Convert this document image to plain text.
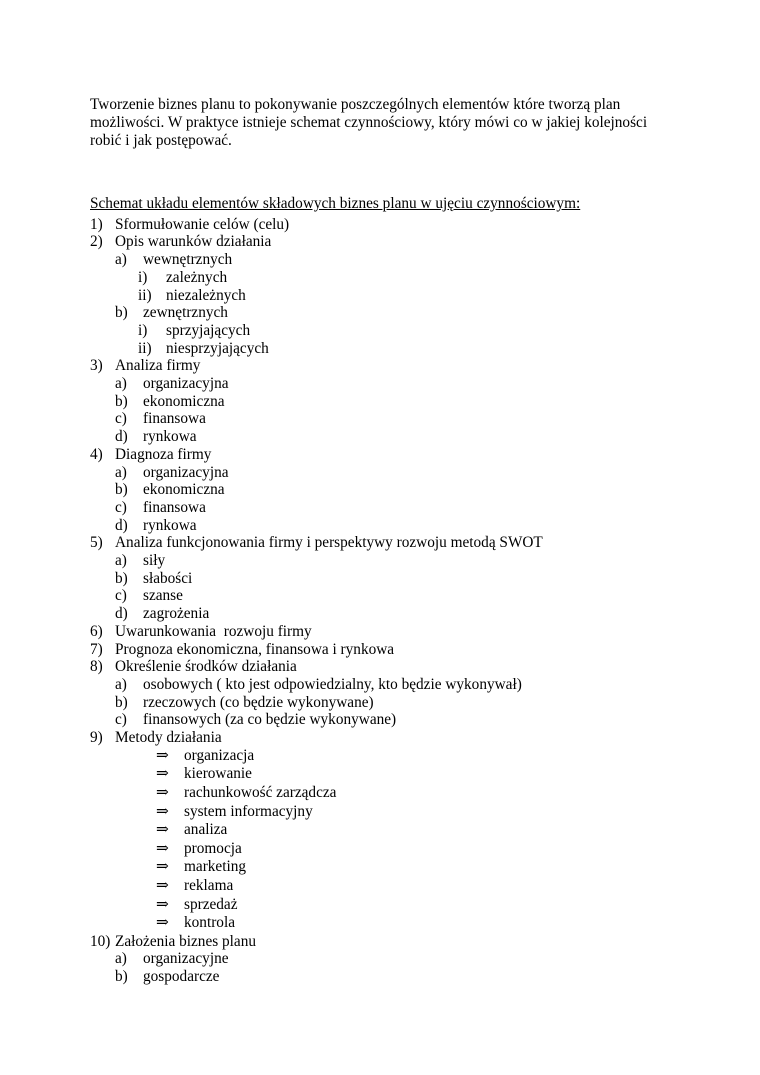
Tworzenie biznes planu to pokonywanie poszczególnych elementów które tworzą plan
możliwości. W praktyce istnieje schemat czynnościowy, który mówi co w jakiej kolejności
robić i jak postępować.
Schemat układu elementów składowych biznes planu w ujęciu czynnościowym:
1) Sformułowanie celów (celu)
2) Opis warunków działania
a) wewnętrznych
i) zależnych
ii) niezależnych
b) zewnętrznych
i) sprzyjających
ii) niesprzyjających
3) Analiza firmy
a) organizacyjna
b) ekonomiczna
c) finansowa
d) rynkowa
4) Diagnoza firmy
a) organizacyjna
b) ekonomiczna
c) finansowa
d) rynkowa
5) Analiza funkcjonowania firmy i perspektywy rozwoju metodą SWOT
a) siły
b) słabości
c) szanse
d) zagrożenia
6) Uwarunkowania  rozwoju firmy
7) Prognoza ekonomiczna, finansowa i rynkowa
8) Określenie środków działania
a) osobowych ( kto jest odpowiedzialny, kto będzie wykonywał)
b) rzeczowych (co będzie wykonywane)
c) finansowych (za co będzie wykonywane)
9) Metody działania
⇒ organizacja
⇒ kierowanie
⇒ rachunkowość zarządcza
⇒ system informacyjny
⇒ analiza
⇒ promocja
⇒ marketing
⇒ reklama
⇒ sprzedaż
⇒ kontrola
10) Założenia biznes planu
a) organizacyjne
b) gospodarcze
